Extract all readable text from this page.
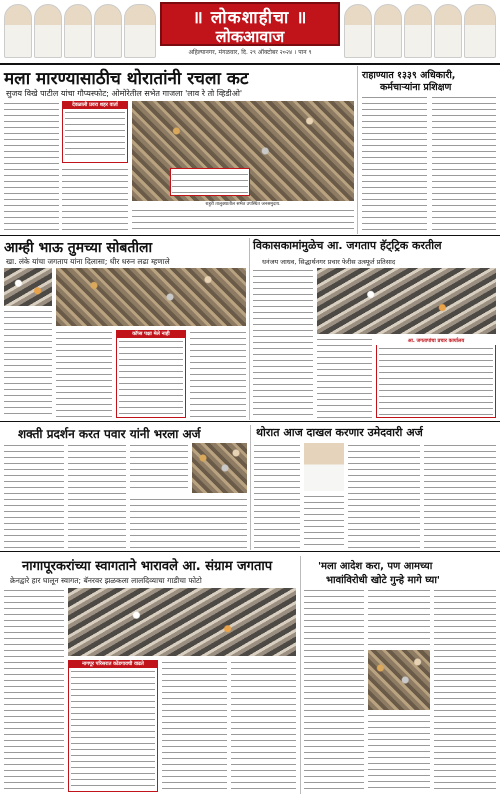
॥ लोकशाहीचा ॥
लोकआवाज
अहिल्यानगर, मंगळवार, दि. २९ ऑक्टोबर २०२४ । पान ९
मला मारण्यासाठीच थोरातांनी रचला कट
सुजय विखे पाटील यांचा गौप्यस्फोट; ओमोरेतील सभेत गाजला 'लाव रे तो व्हिडीओ'
देवळाली प्रवरा शहर वार्ता
राहुरी तालुक्यातील सभेत उपस्थित जनसमुदाय.
राहाण्यात १३३९ अधिकारी,
कर्मचाऱ्यांना प्रशिक्षण
आम्ही भाऊ तुमच्या सोबतीला
खा. लंके यांचा जगताप यांना दिलासा; धीर धरुन लढा म्हणाले
कॉप्स पक्षा मेले नाही
विकासकामांमुळेच आ. जगताप हॅट्ट्रिक करतील
धनंजय जाधव, सिद्धार्थनगर प्रचार फेरीस उत्स्फूर्त प्रतिसाद
आ. जगतापांचा प्रचार कार्यालय
शक्ती प्रदर्शन करत पवार यांनी भरला अर्ज	थोरात आज दाखल करणार उमेदवारी अर्ज
नागापूरकरांच्या स्वागताने भारावले आ. संग्राम जगताप
क्रेनद्वारे हार घालून स्वागत; बॅनरवर झळकला लालदिव्याचा गाडीचा फोटो
नागपूर परिसरात कोंडगावची वाढते
'मला आदेश करा, पण आमच्या
भावांविरोधी खोटे गुन्हे मागे घ्या'
